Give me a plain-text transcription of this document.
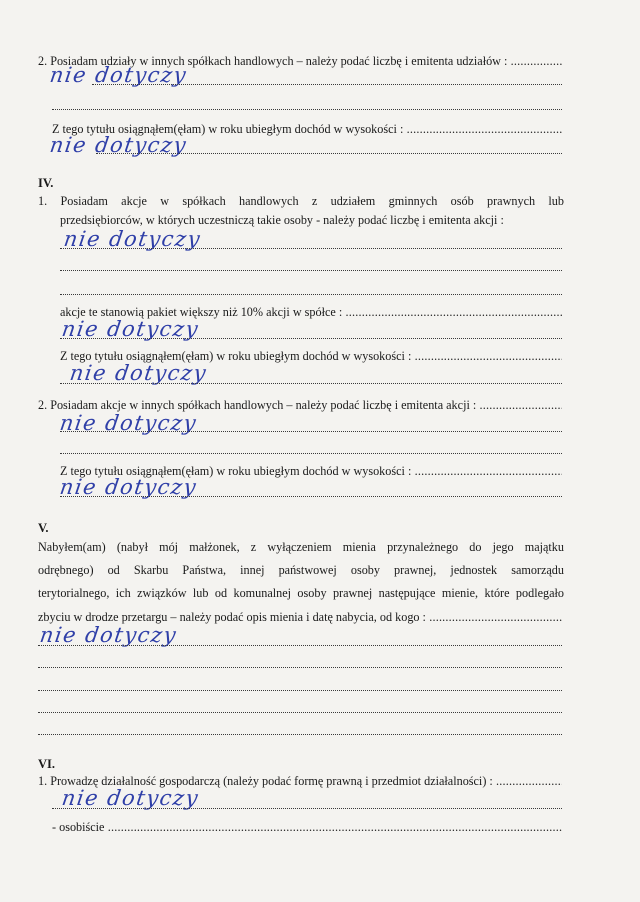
2. Posiadam udziały w innych spółkach handlowych – należy podać liczbę i emitenta udziałów : .....
nie dotyczy
Z tego tytułu osiągnąłem(ęłam) w roku ubiegłym dochód w wysokości : .....
nie dotyczy
IV.
1. Posiadam akcje w spółkach handlowych z udziałem gminnych osób prawnych lub
przedsiębiorców, w których uczestniczą takie osoby - należy podać liczbę i emitenta akcji :
nie dotyczy
akcje te stanowią pakiet większy niż 10% akcji w spółce : .....
nie dotyczy
Z tego tytułu osiągnąłem(ęłam) w roku ubiegłym dochód w wysokości : .....
nie dotyczy
2. Posiadam akcje w innych spółkach handlowych – należy podać liczbę i emitenta akcji : .....
nie dotyczy
Z tego tytułu osiągnąłem(ęłam) w roku ubiegłym dochód w wysokości : .....
nie dotyczy
V.
Nabyłem(am) (nabył mój małżonek, z wyłączeniem mienia przynależnego do jego majątku
odrębnego) od Skarbu Państwa, innej państwowej osoby prawnej, jednostek samorządu
terytorialnego, ich związków lub od komunalnej osoby prawnej następujące mienie, które podlegało
zbyciu w drodze przetargu – należy podać opis mienia i datę nabycia, od kogo : .....
nie dotyczy
VI.
1. Prowadzę działalność gospodarczą (należy podać formę prawną i przedmiot działalności) : .....
nie dotyczy
- osobiście .....
